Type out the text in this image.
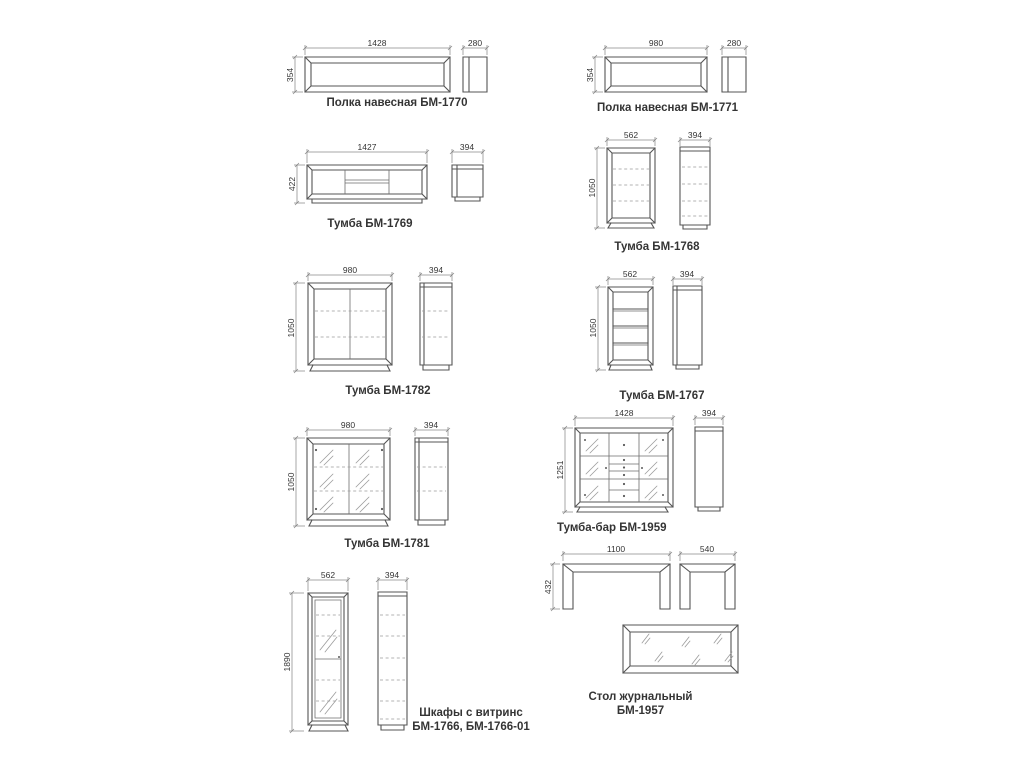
1428
354
280
Полка навесная БМ-1770
980
354
280
Полка навесная БМ-1771
1427
422
394
Тумба БМ-1769
562
1050
394
Тумба БМ-1768
980
1050
394
Тумба БМ-1782
562
1050
394
Тумба БМ-1767
980
1050
394
Тумба БМ-1781
1428
1251
394
Тумба-бар БМ-1959
562
1890
394
Шкафы с витринс
БМ-1766, БМ-1766-01
1100
432
540
Стол журнальный
БМ-1957
